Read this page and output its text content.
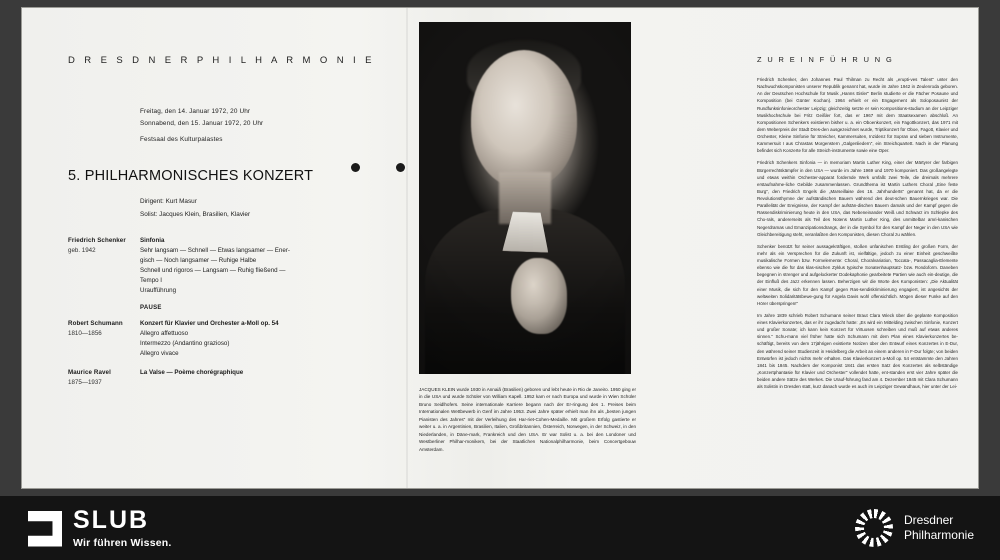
D R E S D N E R P H I L H A R M O N I E
Freitag, den 14. Januar 1972, 20 Uhr
Sonnabend, den 15. Januar 1972, 20 Uhr
Festsaal des Kulturpalastes
5. PHILHARMONISCHES KONZERT
Dirigent: Kurt Masur
Solist: Jacques Klein, Brasilien, Klavier
Friedrich Schenker
geb. 1942
Sinfonia
Sehr langsam — Schnell — Etwas langsamer — Ener-
gisch — Noch langsamer — Ruhige Halbe
Schnell und rigoros — Langsam — Ruhig fließend —
Tempo I
Uraufführung
PAUSE
Robert Schumann
1810—1856
Konzert für Klavier und Orchester a-Moll op. 54
Allegro affettuoso
Intermezzo (Andantino grazioso)
Allegro vivace
Maurice Ravel
1875—1937
La Valse — Poème chorégraphique
JACQUES KLEIN wurde 1930 in Annaiã (Brasilien) geboren und lebt heute in Rio de Janeiro. 1950 ging er in die USA und wurde Schüler von William Kapell. 1952 kam er nach Europa und wurde in Wien Schüler Bruno Seidlhofers. Seine internationale Karriere begann nach der Er-ringung des 1. Preises beim Internationalen Wettbewerb in Genf im Jahre 1953. Zwei Jahre später erhielt man ihn als „besten jungen Pianisten des Jahres" mit der Verleihung des Har-riet-Cohen-Medaille. Mit großem Erfolg gastierte er weiter u. a. in Argentinien, Brasilien, Italien, Großbritannien, Österreich, Norwegen, in der Schweiz, in den Niederlanden, in Däne-mark, Frankreich und den USA. Er war Solist u. a. bei den Londoner und Westberliner Philhar-monikern, bei der Staatlichen Nationalphilharmonie, beim Concertgebouw Amsterdam.
Z U R E I N F Ü H R U N G

Friedrich Schenker, den Johannes Paul Thilman zu Recht als „erupti-ves Talent" unter den Nachwuchskomponisten unserer Republik genannt hat, wurde im Jahre 1942 in Zeulenroda geboren. An der Deutschen Hochschule für Musik „Hanns Eisler" Berlin studierte er die Fächer Posaune und Komposition (bei Günter Kochan). 1964 erhielt er ein Engagement als Soloposaunist der Rundfunksinfonieorchester Leipzig; gleichzeitig setzte er sein Kompositions-studium an der Leipziger Musikhochschule bei Fritz Geißler fort, das er 1967 mit dem Staatsexamen abschloß. An Kompositionen Schenkers existieren bisher u. a. ein Oboenkonzert, ein Fagottkonzert, das 1971 mit dem Weberpreis der Stadt Dres-den ausgezeichnet wurde, Triptikonzert für Oboe, Fagott, Klavier und Orchester, Kleine Sinfonie für Streicher, Kammersuiten, Inzidenz für Sopran und sieben Instrumente, Kammersuit I aus Chrastas Morgenstern „Galgenliedern", ein Streichquartett. Nach in der Planung befindet sich Konzerte für alle Streich-instrumente sowie eine Oper.

Friedrich Schenkers Sinfonia — in memoriam Martin Luther King, einer der Märtyrer der farbigen Bürgerrechtskämpfer in den USA — wurde im Jahre 1969 und 1970 komponiert. Das großangelegte und etwas weithin Orchester-apparat fordernde Werk umfaßt zwei Teile, die dreimals mehrere erstaufnahme-liche Gebilde zusammenlassen. Grundthema ist Martin Luthers Choral „Eine feste Burg", den Friedrich Engels die „Marseillaise des 16. Jahrhunderts" genannt hat, da er die Revolutionsthymne der aufständischen Bauern während des deut-schen Bauernkrieges war. Die Parallelität der Ereignisse, der Kampf der aufstän-dischen Bauern damals und der Kampf gegen die Rassendiskriminierung heute in den USA, das Nebeneinander Weiß und Schwarz im Schlepke des Cho-rals, andererseits als Teil des Notens Martin Luther King, des unmittelbar amri-kanischen Negerdramas und Emanzipationsdrangs, der in die Symbol für den Kampf der Neger in den USA wie Gleichbereitigung steht, veranlaßten den Komponisten, diesen Choral zu wählen.

Schenker benützt für seiner aussagekräftigen, stoßen unfanischen Erstling der großen Form, der mehr als ein Versprechen für die Zukunft ist, vielfältige, jedoch zu einer Einheit geschweißte musikalische Formen bzw. Formelemente: Choral, Choralvariation, Toccata-, Passacaglia-Elemente ebenso wie die für das klas-sischen Zyklus typische Sonatenhauptsatz- bzw. Rondoform. Daneben begegnen in strenger und aufgelockerter Dodekaphonie gearbeitete Partien wie auch ein-deutige, die der Einfluß des Jazz erkennen lassen. Beherzigen wir die Worte des Komponisten: „Die Aktualität einer Musik, die sich für den Kampf gegen Ras-sendiskriminierung engagiert, ist angesichts der weltweiten Solidaritätsbewe-gung für Angela Davis wohl offensichtlich. Mögen dieser Funke auf den Hörer überspringen!"

Im Jahre 1839 schrieb Robert Schumann seiner Braut Clara Wieck über die geplante Komposition eines Klavierkonzertes, das er ihr zugedacht hatte: „Es wird ein Mittelding zwischen Sinfonie, Konzert und großer Sonate; ich kann kein Konzert für Virtuosen schreiben und muß auf etwas anderes sinnen." Schu-mann viel früher hatte sich Schumann mit dem Plan eines Klavierkonzertes be-schäftigt, bereits von dem 17jährigen existierte Notizen über den Entwurf eines Konzertes in E-Dur, den während seiner Studienzeit in Heidelberg die Arbeit an einem anderen in F-Dur folgte; von beiden Entwürfen ist jedoch nichts mehr erhalten. Das Klavierkonzert a-Moll op. 54 entstammte den Jahren 1841 bis 1845. Nachdem der Komponist 1841 das ersten Satz des Konzertes als selbständige „Konzertphantasie für Klavier und Orchester" vollendet hatte, ent-standen erst vier Jahre später die beiden andere Sätze des Werkes. Die Urauf-führung fand am 4. Dezember 1845 mit Clara Schumann als Solistin in Dresden statt, kurz danach wurde es auch im Leipziger Gewandhaus, hier unter der Lei-

SLUB
Wir führen Wissen.
Dresdner
Philharmonie
